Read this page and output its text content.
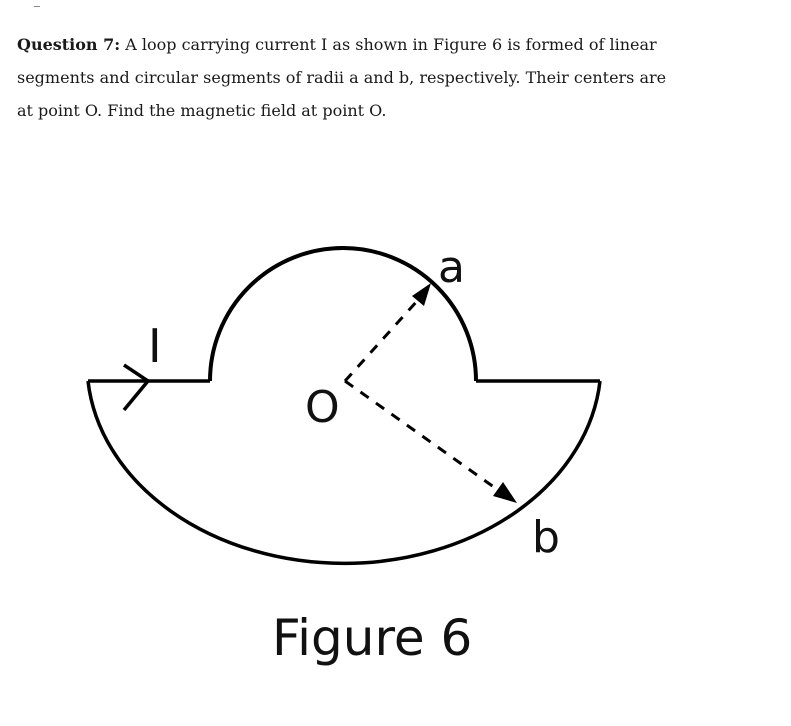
Question 7: A loop carrying current I as shown in Figure 6 is formed of linear segments and circular segments of radii a and b, respectively. Their centers are at point O. Find the magnetic field at point O.
I
O
a
b
Figure 6
